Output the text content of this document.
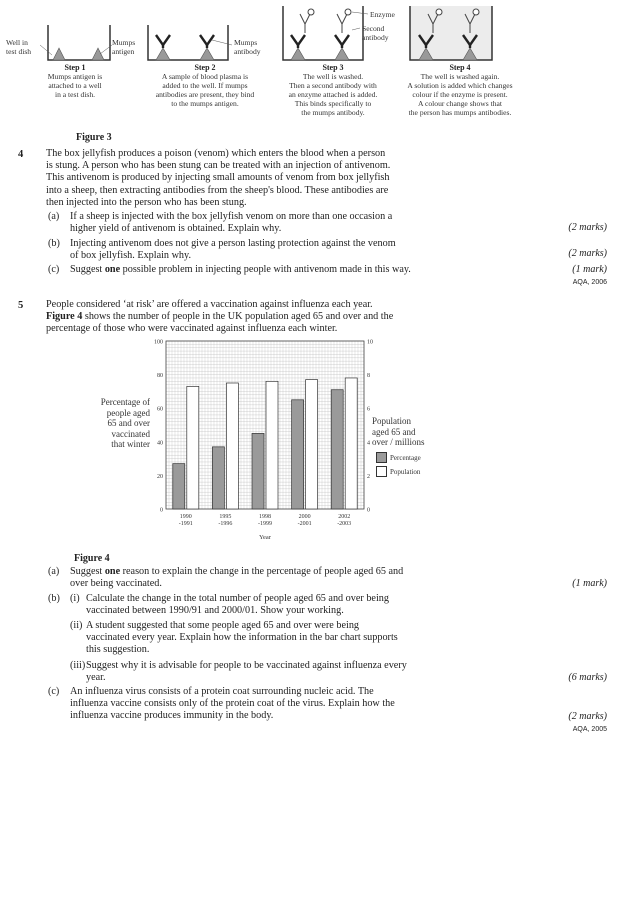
Well in
test dish
Mumps
antigen
Mumps
antibody
Enzyme
Second
antibody
Step 1
Mumps antigen is
attached to a well
in a test dish.
Step 2
A sample of blood plasma is
added to the well. If mumps
antibodies are present, they bind
to the mumps antigen.
Step 3
The well is washed.
Then a second antibody with
an enzyme attached is added.
This binds specifically to
the mumps antibody.
Step 4
The well is washed again.
A solution is added which changes
colour if the enzyme is present.
A colour change shows that
the person has mumps antibodies.
Figure 3
4 The box jellyfish produces a poison (venom) which enters the blood when a person
is stung. A person who has been stung can be treated with an injection of antivenom.
This antivenom is produced by injecting small amounts of venom from box jellyfish
into a sheep, then extracting antibodies from the sheep's blood. These antibodies are
then injected into the person who has been stung.
(a) If a sheep is injected with the box jellyfish venom on more than one occasion a
higher yield of antivenom is obtained. Explain why.	(2 marks)
(b) Injecting antivenom does not give a person lasting protection against the venom
of box jellyfish. Explain why.	(2 marks)
(c) Suggest one possible problem in injecting people with antivenom made in this way.	(1 mark)
AQA, 2006
5 People considered ‘at risk’ are offered a vaccination against influenza each year.
Figure 4 shows the number of people in the UK population aged 65 and over and the
percentage of those who were vaccinated against influenza each winter.
Percentage of
people aged
65 and over
vaccinated
that winter
Population
aged 65 and
over / millions
0
20
40
60
80
100
0
2
4
6
8
10
1990
-1991
1995
-1996
1998
-1999
2000
-2001
2002
-2003
Year
Percentage
Population
Figure 4
(a) Suggest one reason to explain the change in the percentage of people aged 65 and
over being vaccinated.	(1 mark)
(b) (i) Calculate the change in the total number of people aged 65 and over being
vaccinated between 1990/91 and 2000/01. Show your working.
(ii) A student suggested that some people aged 65 and over were being
vaccinated every year. Explain how the information in the bar chart supports
this suggestion.
(iii) Suggest why it is advisable for people to be vaccinated against influenza every
year.	(6 marks)
(c) An influenza virus consists of a protein coat surrounding nucleic acid. The
influenza vaccine consists only of the protein coat of the virus. Explain how the
influenza vaccine produces immunity in the body.	(2 marks)
AQA, 2005
